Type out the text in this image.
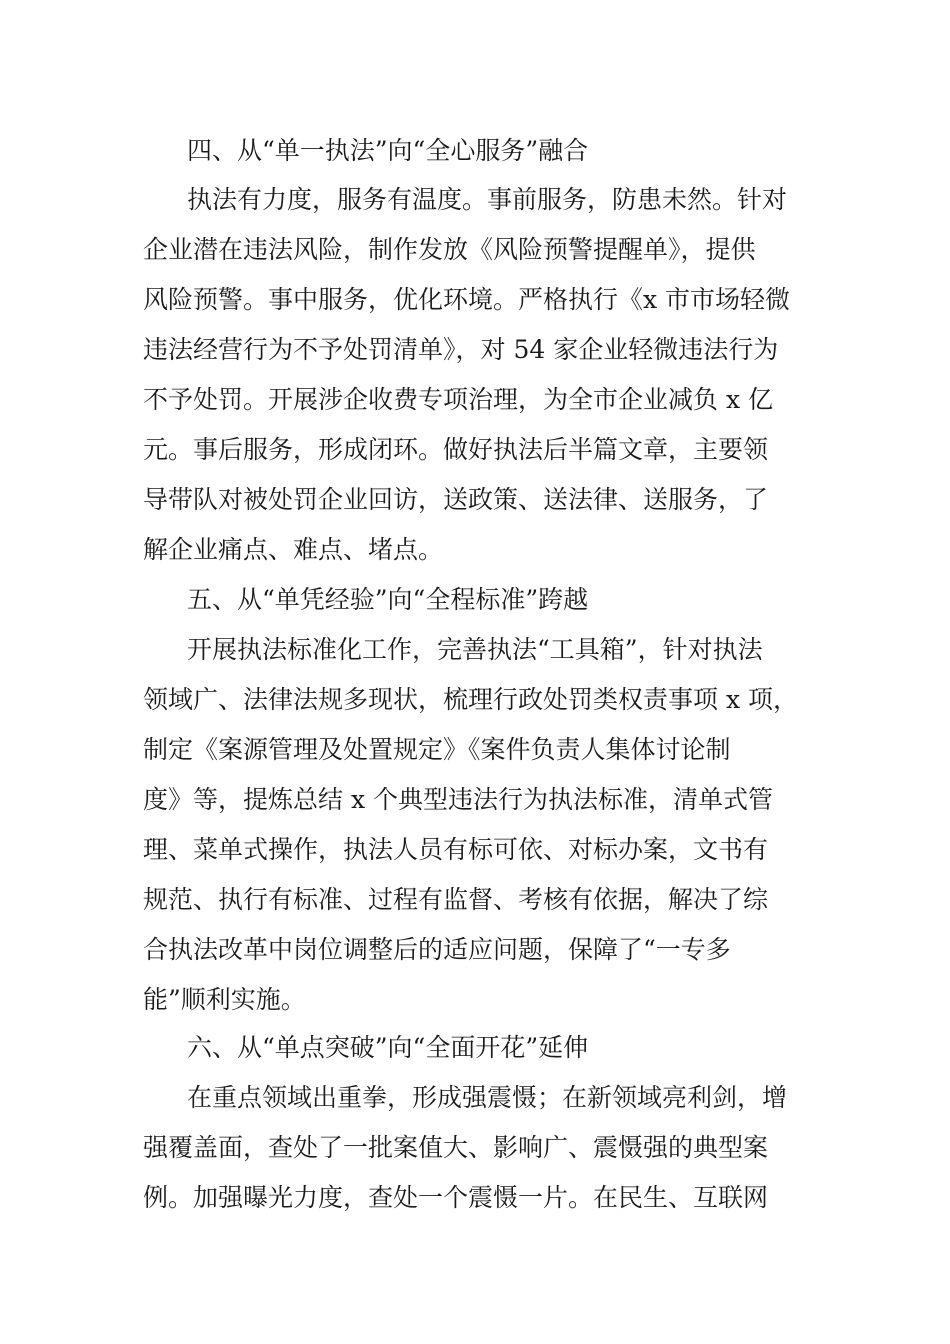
四、从“单一执法”向“全心服务”融合
执法有力度，服务有温度。事前服务，防患未然。针对
企业潜在违法风险，制作发放《风险预警提醒单》，提供
风险预警。事中服务，优化环境。严格执行《x 市市场轻微
违法经营行为不予处罚清单》，对 54 家企业轻微违法行为
不予处罚。开展涉企收费专项治理，为全市企业减负 x 亿
元。事后服务，形成闭环。做好执法后半篇文章，主要领
导带队对被处罚企业回访，送政策、送法律、送服务，了
解企业痛点、难点、堵点。
五、从“单凭经验”向“全程标准”跨越
开展执法标准化工作，完善执法“工具箱”，针对执法
领域广、法律法规多现状，梳理行政处罚类权责事项 x 项，
制定《案源管理及处置规定》《案件负责人集体讨论制
度》等，提炼总结 x 个典型违法行为执法标准，清单式管
理、菜单式操作，执法人员有标可依、对标办案，文书有
规范、执行有标准、过程有监督、考核有依据，解决了综
合执法改革中岗位调整后的适应问题，保障了“一专多
能”顺利实施。
六、从“单点突破”向“全面开花”延伸
在重点领域出重拳，形成强震慑；在新领域亮利剑，增
强覆盖面，查处了一批案值大、影响广、震慑强的典型案
例。加强曝光力度，查处一个震慑一片。在民生、互联网
